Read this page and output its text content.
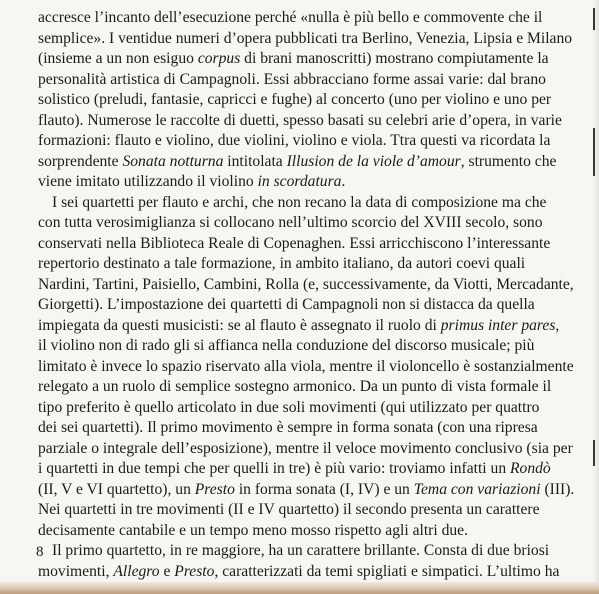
accresce l’incanto dell’esecuzione perché «nulla è più bello e commovente che il
semplice». I ventidue numeri d’opera pubblicati tra Berlino, Venezia, Lipsia e Milano
(insieme a un non esiguo corpus di brani manoscritti) mostrano compiutamente la
personalità artistica di Campagnoli. Essi abbracciano forme assai varie: dal brano
solistico (preludi, fantasie, capricci e fughe) al concerto (uno per violino e uno per
flauto). Numerose le raccolte di duetti, spesso basati su celebri arie d’opera, in varie
formazioni: flauto e violino, due violini, violino e viola. Ttra questi va ricordata la
sorprendente Sonata notturna intitolata Illusion de la viole d’amour, strumento che
viene imitato utilizzando il violino in scordatura.
I sei quartetti per flauto e archi, che non recano la data di composizione ma che
con tutta verosimiglianza si collocano nell’ultimo scorcio del XVIII secolo, sono
conservati nella Biblioteca Reale di Copenaghen. Essi arricchiscono l’interessante
repertorio destinato a tale formazione, in ambito italiano, da autori coevi quali
Nardini, Tartini, Paisiello, Cambini, Rolla (e, successivamente, da Viotti, Mercadante,
Giorgetti). L’impostazione dei quartetti di Campagnoli non si distacca da quella
impiegata da questi musicisti: se al flauto è assegnato il ruolo di primus inter pares,
il violino non di rado gli si affianca nella conduzione del discorso musicale; più
limitato è invece lo spazio riservato alla viola, mentre il violoncello è sostanzialmente
relegato a un ruolo di semplice sostegno armonico. Da un punto di vista formale il
tipo preferito è quello articolato in due soli movimenti (qui utilizzato per quattro
dei sei quartetti). Il primo movimento è sempre in forma sonata (con una ripresa
parziale o integrale dell’esposizione), mentre il veloce movimento conclusivo (sia per
i quartetti in due tempi che per quelli in tre) è più vario: troviamo infatti un Rondò
(II, V e VI quartetto), un Presto in forma sonata (I, IV) e un Tema con variazioni (III).
Nei quartetti in tre movimenti (II e IV quartetto) il secondo presenta un carattere
decisamente cantabile e un tempo meno mosso rispetto agli altri due.
Il primo quartetto, in re maggiore, ha un carattere brillante. Consta di due briosi
movimenti, Allegro e Presto, caratterizzati da temi spigliati e simpatici. L’ultimo ha
8
